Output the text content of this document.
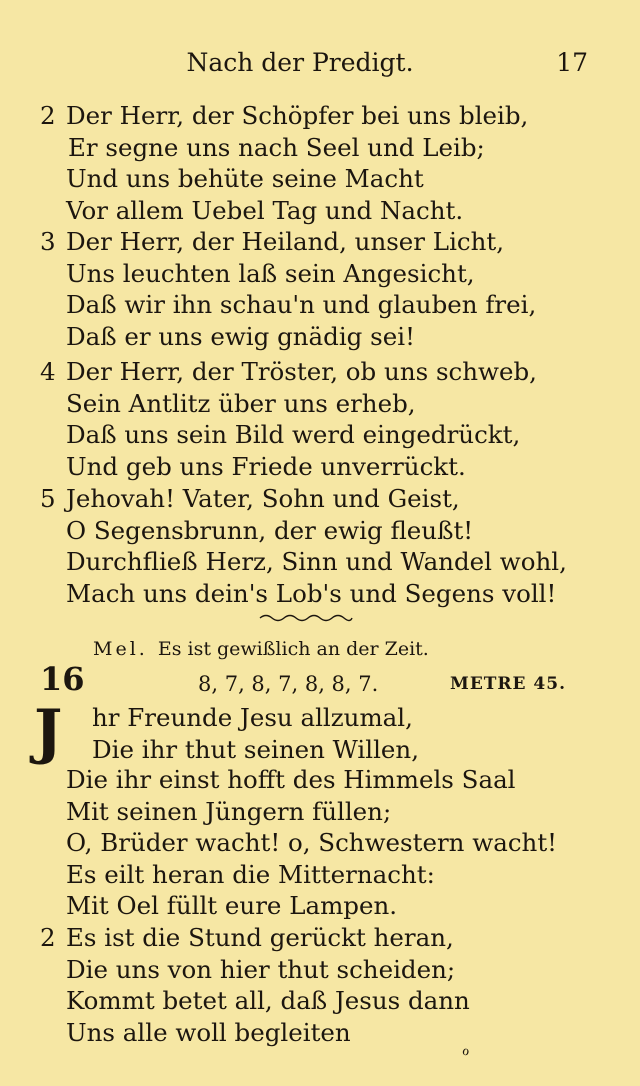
Nach der Predigt.	17
2 Der Herr, der Schöpfer bei uns bleib,
Er segne uns nach Seel und Leib;
Und uns behüte seine Macht
Vor allem Uebel Tag und Nacht.
3 Der Herr, der Heiland, unser Licht,
Uns leuchten laß sein Angesicht,
Daß wir ihn schau'n und glauben frei,
Daß er uns ewig gnädig sei!
4 Der Herr, der Tröster, ob uns schweb,
Sein Antlitz über uns erheb,
Daß uns sein Bild werd eingedrückt,
Und geb uns Friede unverrückt.
5 Jehovah! Vater, Sohn und Geist,
O Segensbrunn, der ewig fleußt!
Durchfließ Herz, Sinn und Wandel wohl,
Mach uns dein's Lob's und Segens voll!
Mel. Es ist gewißlich an der Zeit.
16	8, 7, 8, 7, 8, 8, 7.	METRE 45.
J hr Freunde Jesu allzumal,
Die ihr thut seinen Willen,
Die ihr einst hofft des Himmels Saal
Mit seinen Jüngern füllen;
O, Brüder wacht! o, Schwestern wacht!
Es eilt heran die Mitternacht:
Mit Oel füllt eure Lampen.
2 Es ist die Stund gerückt heran,
Die uns von hier thut scheiden;
Kommt betet all, daß Jesus dann
Uns alle woll begleiten
ℴ
